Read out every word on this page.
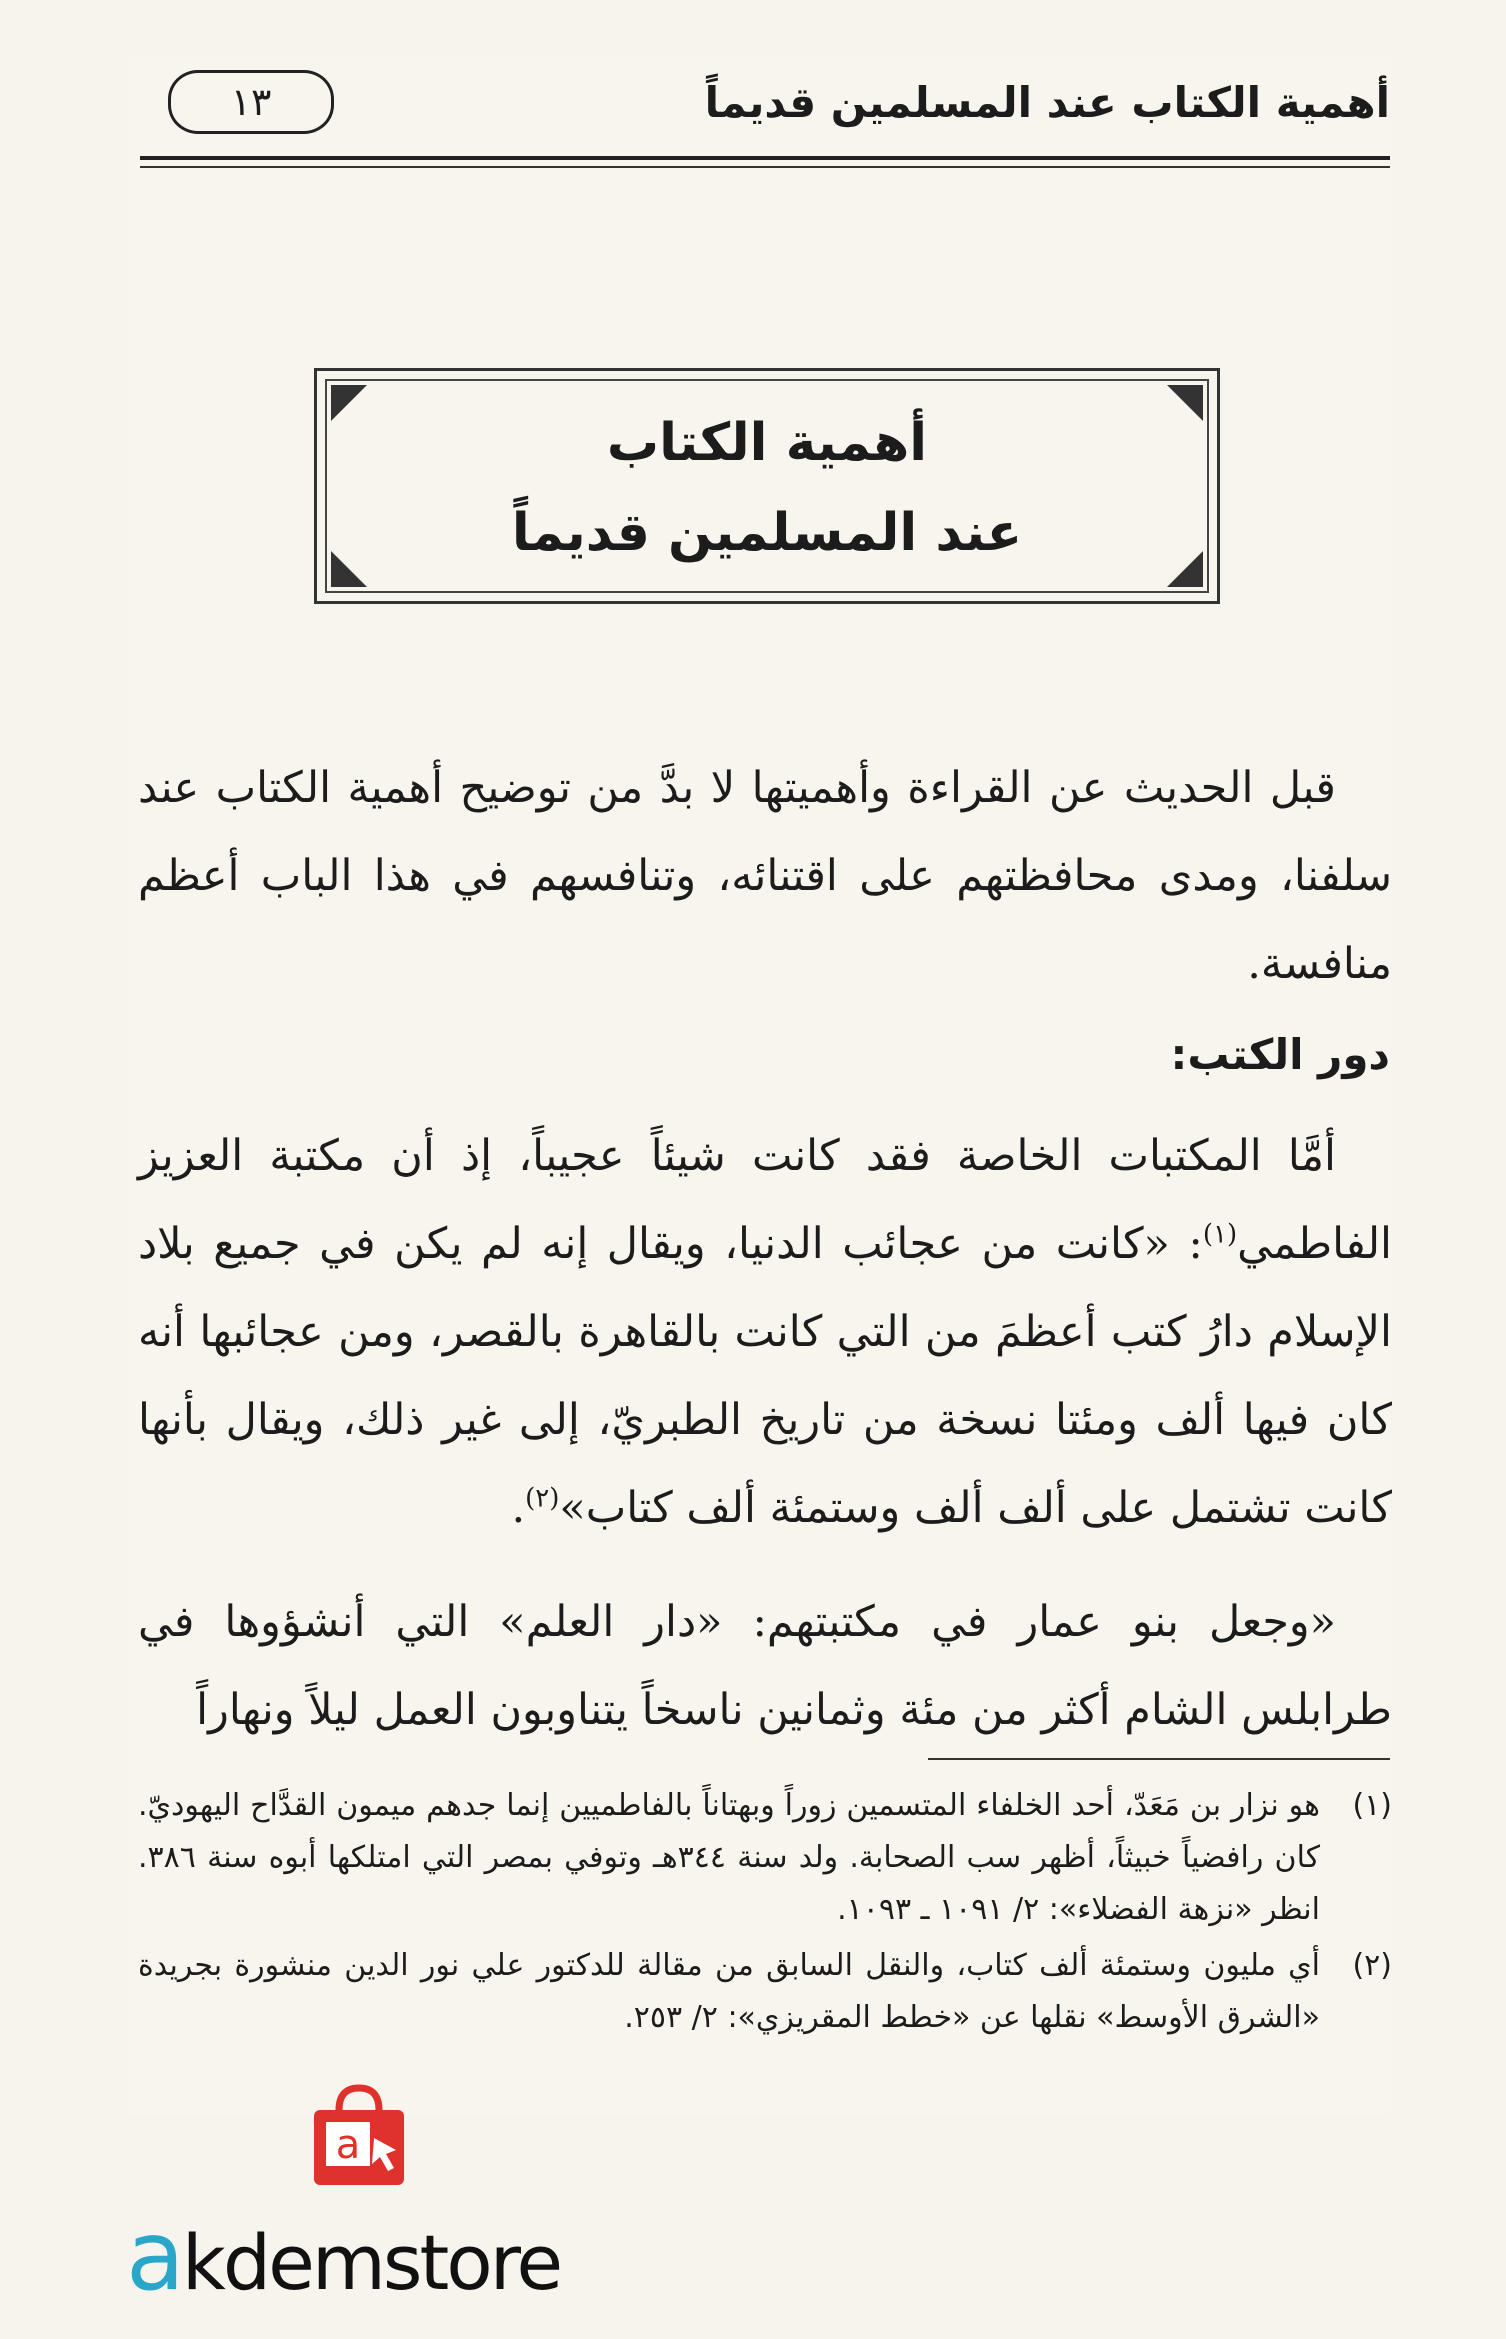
١٣	أهمية الكتاب عند المسلمين قديماً
أهمية الكتاب
عند المسلمين قديماً
قبل الحديث عن القراءة وأهميتها لا بدَّ من توضيح أهمية الكتاب عند سلفنا، ومدى محافظتهم على اقتنائه، وتنافسهم في هذا الباب أعظم منافسة.
دور الكتب:
أمَّا المكتبات الخاصة فقد كانت شيئاً عجيباً، إذ أن مكتبة العزيز الفاطمي$^{(١)}$: «كانت من عجائب الدنيا، ويقال إنه لم يكن في جميع بلاد الإسلام دارُ كتب أعظمَ من التي كانت بالقاهرة بالقصر، ومن عجائبها أنه كان فيها ألف ومئتا نسخة من تاريخ الطبريّ، إلى غير ذلك، ويقال بأنها كانت تشتمل على ألف ألف وستمئة ألف كتاب»$^{(٢)}$.
«وجعل بنو عمار في مكتبتهم: «دار العلم» التي أنشؤوها في طرابلس الشام أكثر من مئة وثمانين ناسخاً يتناوبون العمل ليلاً ونهاراً
(١)
هو نزار بن مَعَدّ، أحد الخلفاء المتسمين زوراً وبهتاناً بالفاطميين إنما جدهم ميمون القدَّاح اليهوديّ. كان رافضياً خبيثاً، أظهر سب الصحابة. ولد سنة ٣٤٤هـ وتوفي بمصر التي امتلكها أبوه سنة ٣٨٦. انظر «نزهة الفضلاء»: ٢/ ١٠٩١ ـ ١٠٩٣.
(٢)
أي مليون وستمئة ألف كتاب، والنقل السابق من مقالة للدكتور علي نور الدين منشورة بجريدة «الشرق الأوسط» نقلها عن «خطط المقريزي»: ٢/ ٢٥٣.
a
akdemstore
